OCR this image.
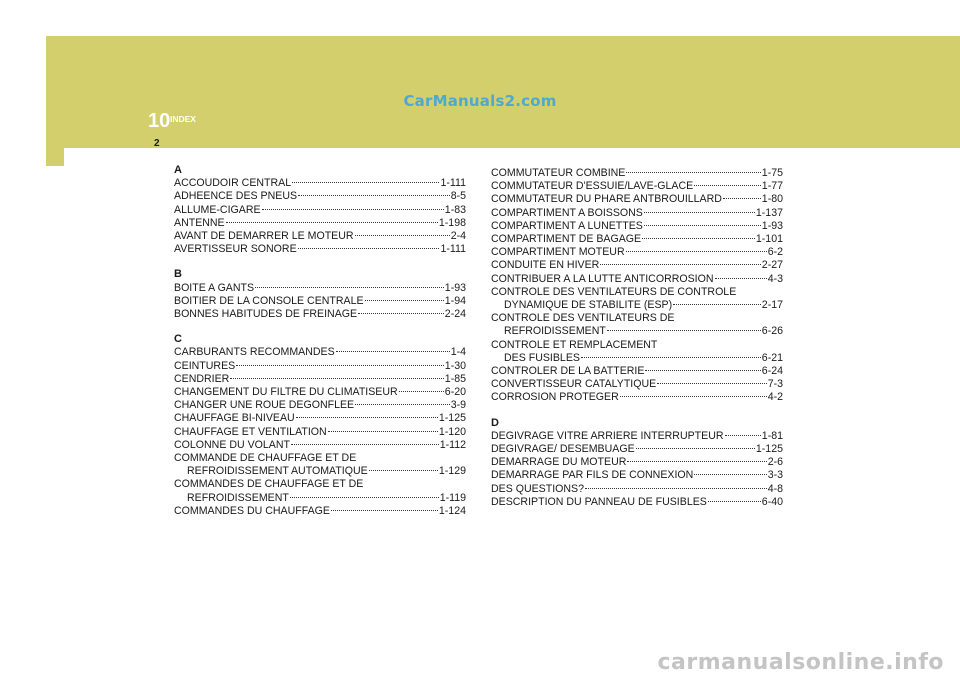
CarManuals2.com
10 INDEX
2
A
ACCOUDOIR CENTRAL	1-111
ADHEENCE DES PNEUS	8-5
ALLUME-CIGARE	1-83
ANTENNE	1-198
AVANT DE DEMARRER LE MOTEUR	2-4
AVERTISSEUR SONORE	1-111
B
BOITE A GANTS	1-93
BOITIER DE LA CONSOLE CENTRALE	1-94
BONNES HABITUDES DE FREINAGE	2-24
C
CARBURANTS RECOMMANDES	1-4
CEINTURES	1-30
CENDRIER	1-85
CHANGEMENT DU FILTRE DU CLIMATISEUR	6-20
CHANGER UNE ROUE DEGONFLEE	3-9
CHAUFFAGE BI-NIVEAU	1-125
CHAUFFAGE ET VENTILATION	1-120
COLONNE DU VOLANT	1-112
COMMANDE DE CHAUFFAGE ET DE
REFROIDISSEMENT AUTOMATIQUE	1-129
COMMANDES DE CHAUFFAGE ET DE
REFROIDISSEMENT	1-119
COMMANDES DU CHAUFFAGE	1-124
COMMUTATEUR COMBINE	1-75
COMMUTATEUR D'ESSUIE/LAVE-GLACE	1-77
COMMUTATEUR DU PHARE ANTBROUILLARD	1-80
COMPARTIMENT A BOISSONS	1-137
COMPARTIMENT A LUNETTES	1-93
COMPARTIMENT DE BAGAGE	1-101
COMPARTIMENT MOTEUR	6-2
CONDUITE EN HIVER	2-27
CONTRIBUER A LA LUTTE ANTICORROSION	4-3
CONTROLE DES VENTILATEURS DE CONTROLE
DYNAMIQUE DE STABILITE (ESP)	2-17
CONTROLE DES VENTILATEURS DE
REFROIDISSEMENT	6-26
CONTROLE ET REMPLACEMENT
DES FUSIBLES	6-21
CONTROLER DE LA BATTERIE	6-24
CONVERTISSEUR CATALYTIQUE	7-3
CORROSION PROTEGER	4-2
D
DEGIVRAGE VITRE ARRIERE INTERRUPTEUR	1-81
DEGIVRAGE/ DESEMBUAGE	1-125
DEMARRAGE DU MOTEUR	2-6
DEMARRAGE PAR FILS DE CONNEXION	3-3
DES QUESTIONS?	4-8
DESCRIPTION DU PANNEAU DE FUSIBLES	6-40
carmanualsonline.info
